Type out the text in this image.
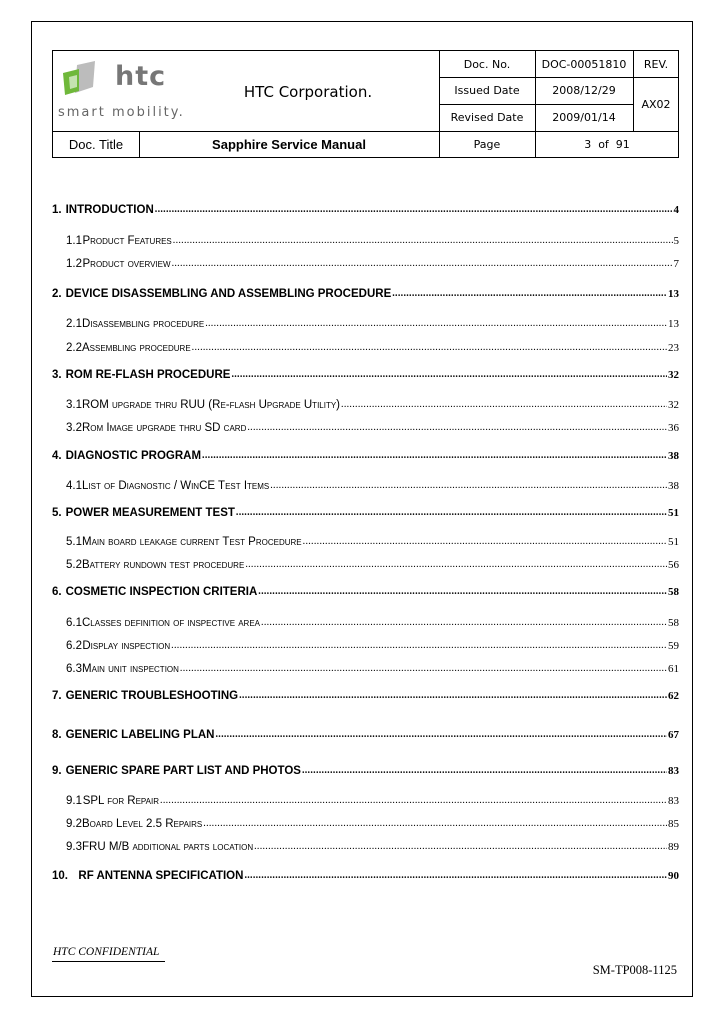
htc
smart mobility.
HTC Corporation.
Doc. No.	DOC-00051810	REV.
Issued Date	2008/12/29
Revised Date	2009/01/14
AX02
Doc. Title	Sapphire Service Manual	Page	3  of  91
1. INTRODUCTION .....	4
1.1 Product Features .....	5
1.2 Product overview .....	7
2. DEVICE DISASSEMBLING AND ASSEMBLING PROCEDURE .....	13
2.1 Disassembling procedure .....	13
2.2 Assembling procedure .....	23
3. ROM RE-FLASH PROCEDURE .....	32
3.1 ROM upgrade thru RUU (Re-flash Upgrade Utility) .....	32
3.2 Rom Image upgrade thru SD card .....	36
4. DIAGNOSTIC PROGRAM .....	38
4.1 List of Diagnostic / WinCE Test Items .....	38
5. POWER MEASUREMENT TEST .....	51
5.1 Main board leakage current Test Procedure .....	51
5.2 Battery rundown test procedure .....	56
6. COSMETIC INSPECTION CRITERIA .....	58
6.1 Classes definition of inspective area .....	58
6.2 Display inspection .....	59
6.3 Main unit inspection .....	61
7. GENERIC TROUBLESHOOTING .....	62
8. GENERIC LABELING PLAN .....	67
9. GENERIC SPARE PART LIST AND PHOTOS .....	83
9.1 SPL for Repair .....	83
9.2 Board Level 2.5 Repairs .....	85
9.3 FRU M/B additional parts location .....	89
10. RF ANTENNA SPECIFICATION .....	90
HTC CONFIDENTIAL
SM-TP008-1125
